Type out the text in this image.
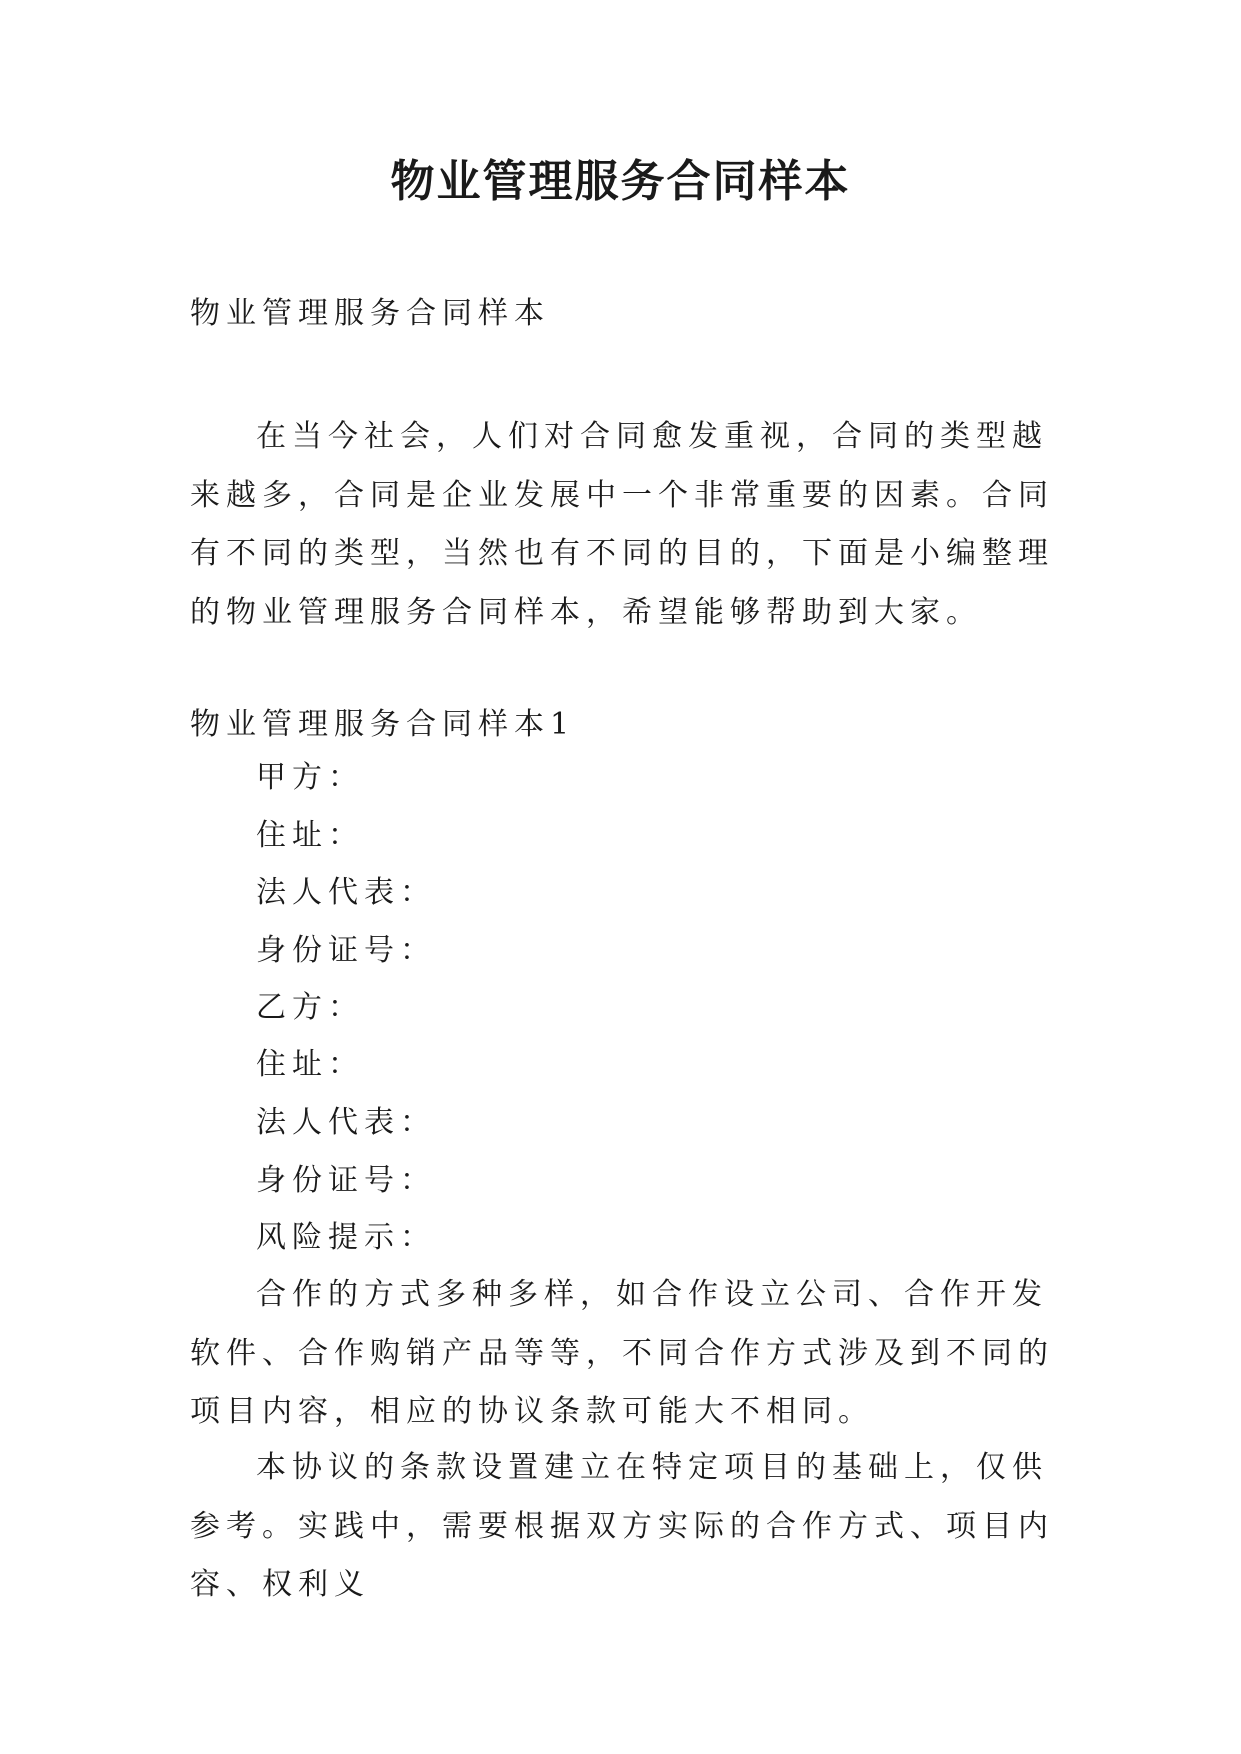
物业管理服务合同样本

物业管理服务合同样本

在当今社会，人们对合同愈发重视，合同的类型越来越多，合同是企业发展中一个非常重要的因素。合同有不同的类型，当然也有不同的目的，下面是小编整理的物业管理服务合同样本，希望能够帮助到大家。

物业管理服务合同样本1

甲方：

住址：

法人代表：

身份证号：

乙方：

住址：

法人代表：

身份证号：

风险提示：

合作的方式多种多样，如合作设立公司、合作开发软件、合作购销产品等等，不同合作方式涉及到不同的项目内容，相应的协议条款可能大不相同。

本协议的条款设置建立在特定项目的基础上，仅供参考。实践中，需要根据双方实际的合作方式、项目内容、权利义
